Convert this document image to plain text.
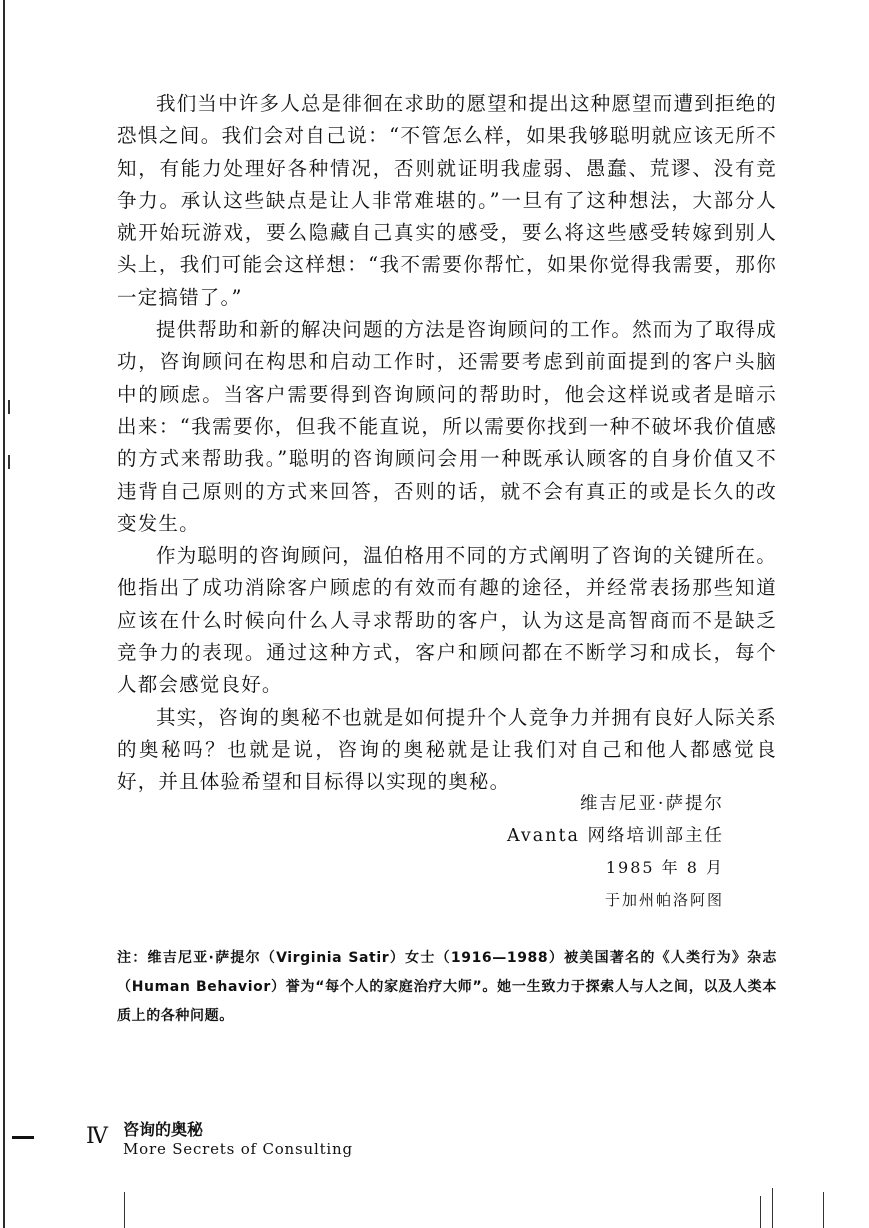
我们当中许多人总是徘徊在求助的愿望和提出这种愿望而遭到拒绝的恐惧之间。我们会对自己说：“不管怎么样，如果我够聪明就应该无所不知，有能力处理好各种情况，否则就证明我虚弱、愚蠢、荒谬、没有竞争力。承认这些缺点是让人非常难堪的。”一旦有了这种想法，大部分人就开始玩游戏，要么隐藏自己真实的感受，要么将这些感受转嫁到别人头上，我们可能会这样想：“我不需要你帮忙，如果你觉得我需要，那你一定搞错了。”

提供帮助和新的解决问题的方法是咨询顾问的工作。然而为了取得成功，咨询顾问在构思和启动工作时，还需要考虑到前面提到的客户头脑中的顾虑。当客户需要得到咨询顾问的帮助时，他会这样说或者是暗示出来：“我需要你，但我不能直说，所以需要你找到一种不破坏我价值感的方式来帮助我。”聪明的咨询顾问会用一种既承认顾客的自身价值又不违背自己原则的方式来回答，否则的话，就不会有真正的或是长久的改变发生。

作为聪明的咨询顾问，温伯格用不同的方式阐明了咨询的关键所在。他指出了成功消除客户顾虑的有效而有趣的途径，并经常表扬那些知道应该在什么时候向什么人寻求帮助的客户，认为这是高智商而不是缺乏竞争力的表现。通过这种方式，客户和顾问都在不断学习和成长，每个人都会感觉良好。

其实，咨询的奥秘不也就是如何提升个人竞争力并拥有良好人际关系的奥秘吗？也就是说，咨询的奥秘就是让我们对自己和他人都感觉良好，并且体验希望和目标得以实现的奥秘。

维吉尼亚·萨提尔
Avanta 网络培训部主任
1985 年 8 月
于加州帕洛阿图
注：维吉尼亚·萨提尔（Virginia Satir）女士（1916—1988）被美国著名的《人类行为》杂志（Human Behavior）誉为“每个人的家庭治疗大师”。她一生致力于探索人与人之间，以及人类本质上的各种问题。
Ⅳ 咨询的奥秘
More Secrets of Consulting
